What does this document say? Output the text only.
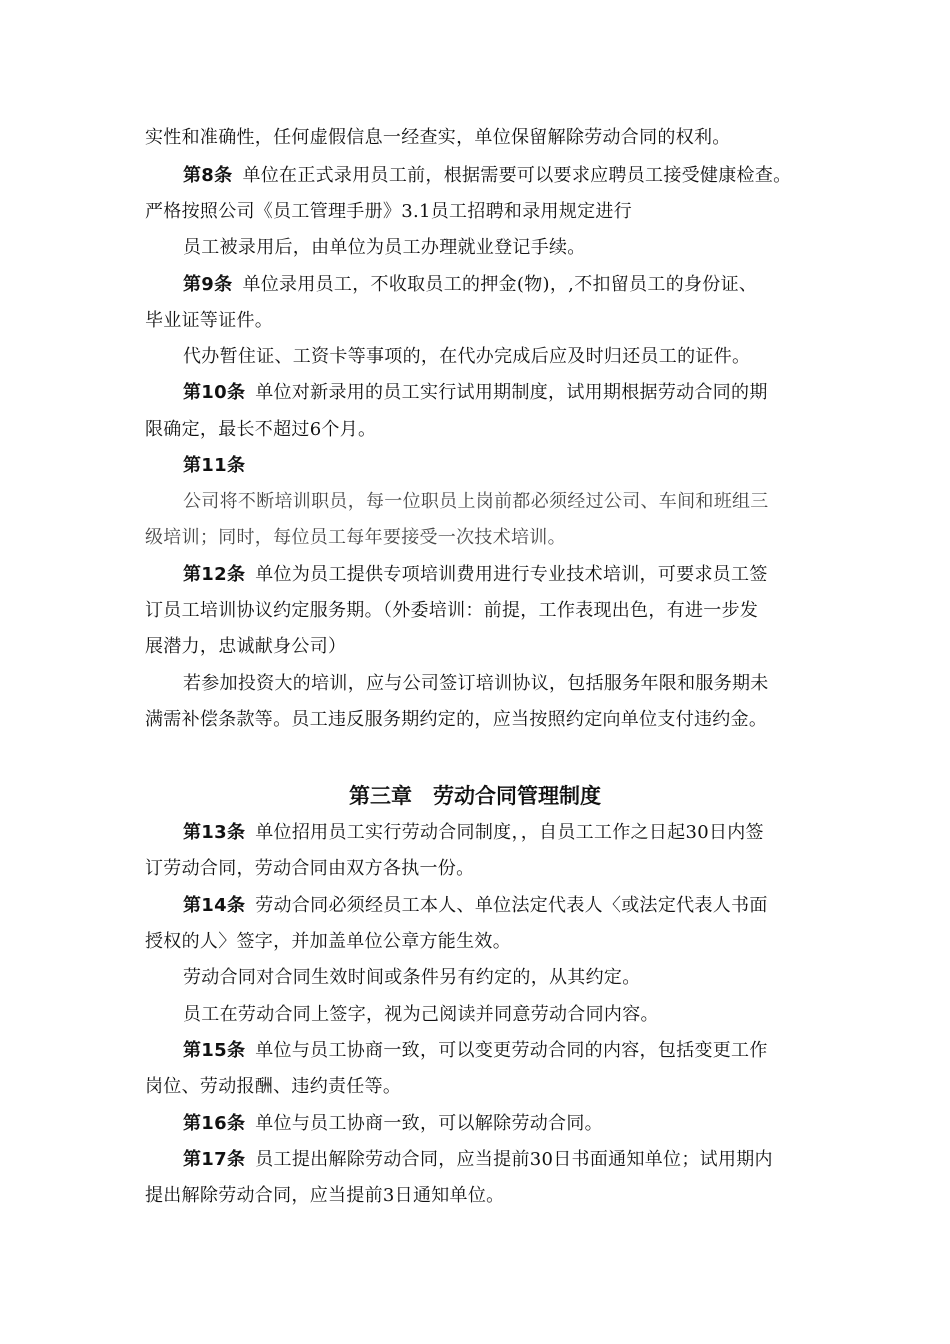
实性和准确性，任何虚假信息一经查实，单位保留解除劳动合同的权利。
第8条 单位在正式录用员工前，根据需要可以要求应聘员工接受健康检查。
严格按照公司《员工管理手册》3.1员工招聘和录用规定进行
员工被录用后，由单位为员工办理就业登记手续。
第9条 单位录用员工，不收取员工的押金(物)，,不扣留员工的身份证、
毕业证等证件。
代办暂住证、工资卡等事项的，在代办完成后应及时归还员工的证件。
第10条 单位对新录用的员工实行试用期制度，试用期根据劳动合同的期
限确定，最长不超过6个月。
第11条
公司将不断培训职员，每一位职员上岗前都必须经过公司、车间和班组三
级培训；同时，每位员工每年要接受一次技术培训。
第12条 单位为员工提供专项培训费用进行专业技术培训，可要求员工签
订员工培训协议约定服务期。（外委培训：前提，工作表现出色，有进一步发
展潜力，忠诚献身公司）
若参加投资大的培训，应与公司签订培训协议，包括服务年限和服务期未
满需补偿条款等。员工违反服务期约定的，应当按照约定向单位支付违约金。
第三章　劳动合同管理制度
第13条 单位招用员工实行劳动合同制度，，自员工工作之日起30日内签
订劳动合同，劳动合同由双方各执一份。
第14条 劳动合同必须经员工本人、单位法定代表人〈或法定代表人书面
授权的人〉签字，并加盖单位公章方能生效。
劳动合同对合同生效时间或条件另有约定的，从其约定。
员工在劳动合同上签字，视为己阅读并同意劳动合同内容。
第15条 单位与员工协商一致，可以变更劳动合同的内容，包括变更工作
岗位、劳动报酬、违约责任等。
第16条 单位与员工协商一致，可以解除劳动合同。
第17条 员工提出解除劳动合同，应当提前30日书面通知单位；试用期内
提出解除劳动合同，应当提前3日通知单位。
